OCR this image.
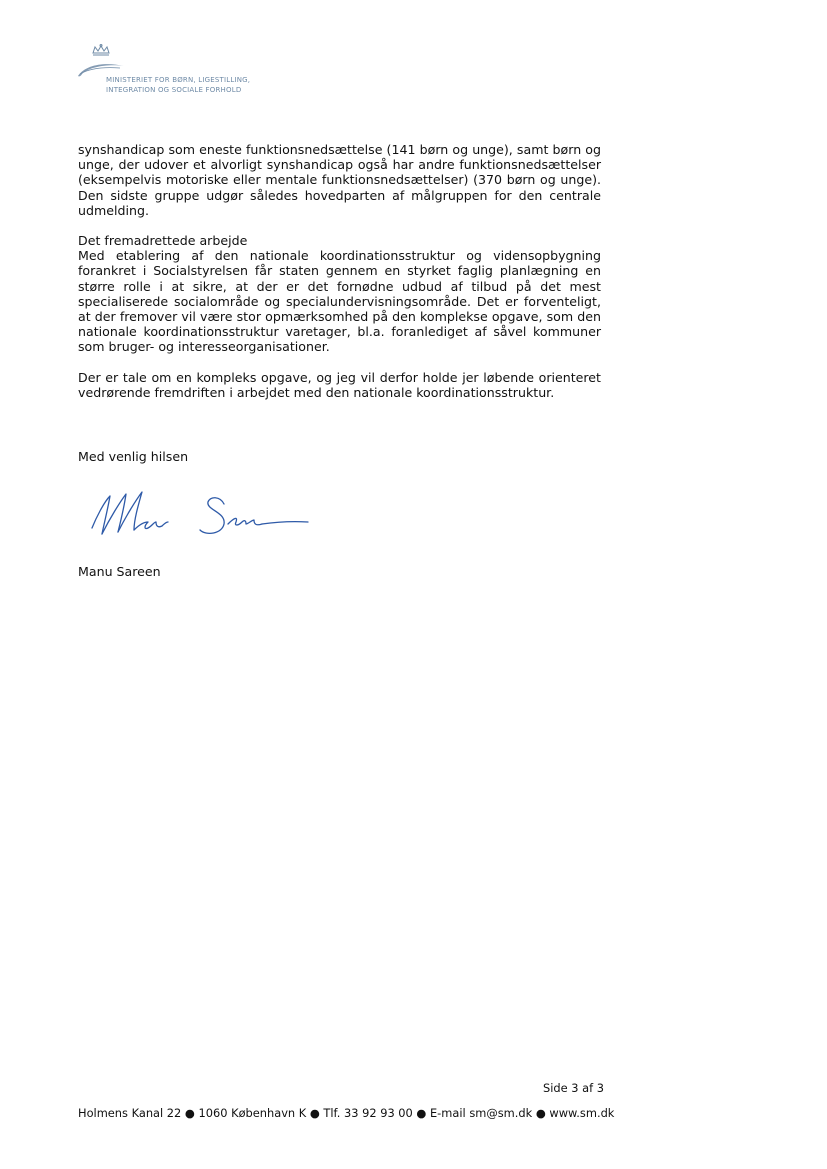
MINISTERIET FOR BØRN, LIGESTILLING,
INTEGRATION OG SOCIALE FORHOLD

synshandicap som eneste funktionsnedsættelse (141 børn og unge), samt børn og unge, der udover et alvorligt synshandicap også har andre funktionsnedsættelser (eksempelvis motoriske eller mentale funktionsnedsættelser) (370 børn og unge). Den sidste gruppe udgør således hovedparten af målgruppen for den centrale udmelding.

Det fremadrettede arbejde

Med etablering af den nationale koordinationsstruktur og vidensopbygning forankret i Socialstyrelsen får staten gennem en styrket faglig planlægning en større rolle i at sikre, at der er det fornødne udbud af tilbud på det mest specialiserede socialområde og specialundervisningsområde. Det er forventeligt, at der fremover vil være stor opmærksomhed på den komplekse opgave, som den nationale koordinationsstruktur varetager, bl.a. foranlediget af såvel kommuner som bruger- og interesseorganisationer.

Der er tale om en kompleks opgave, og jeg vil derfor holde jer løbende orienteret vedrørende fremdriften i arbejdet med den nationale koordinationsstruktur.

Med venlig hilsen
Manu Sareen
Side 3 af 3
Holmens Kanal 22 ● 1060 København K ● Tlf. 33 92 93 00 ● E-mail sm@sm.dk ● www.sm.dk
